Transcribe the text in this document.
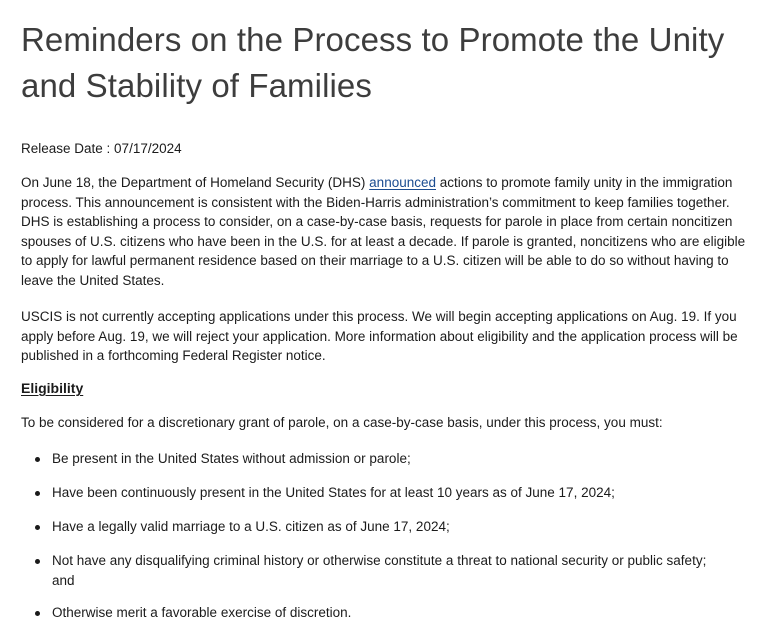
Reminders on the Process to Promote the Unity and Stability of Families
Release Date : 07/17/2024

On June 18, the Department of Homeland Security (DHS) announced actions to promote family unity in the immigration process. This announcement is consistent with the Biden-Harris administration’s commitment to keep families together. DHS is establishing a process to consider, on a case-by-case basis, requests for parole in place from certain noncitizen spouses of U.S. citizens who have been in the U.S. for at least a decade. If parole is granted, noncitizens who are eligible to apply for lawful permanent residence based on their marriage to a U.S. citizen will be able to do so without having to leave the United States.

USCIS is not currently accepting applications under this process. We will begin accepting applications on Aug. 19. If you apply before Aug. 19, we will reject your application. More information about eligibility and the application process will be published in a forthcoming Federal Register notice.

Eligibility

To be considered for a discretionary grant of parole, on a case-by-case basis, under this process, you must:

Be present in the United States without admission or parole;
Have been continuously present in the United States for at least 10 years as of June 17, 2024;
Have a legally valid marriage to a U.S. citizen as of June 17, 2024;
Not have any disqualifying criminal history or otherwise constitute a threat to national security or public safety; and
Otherwise merit a favorable exercise of discretion.
